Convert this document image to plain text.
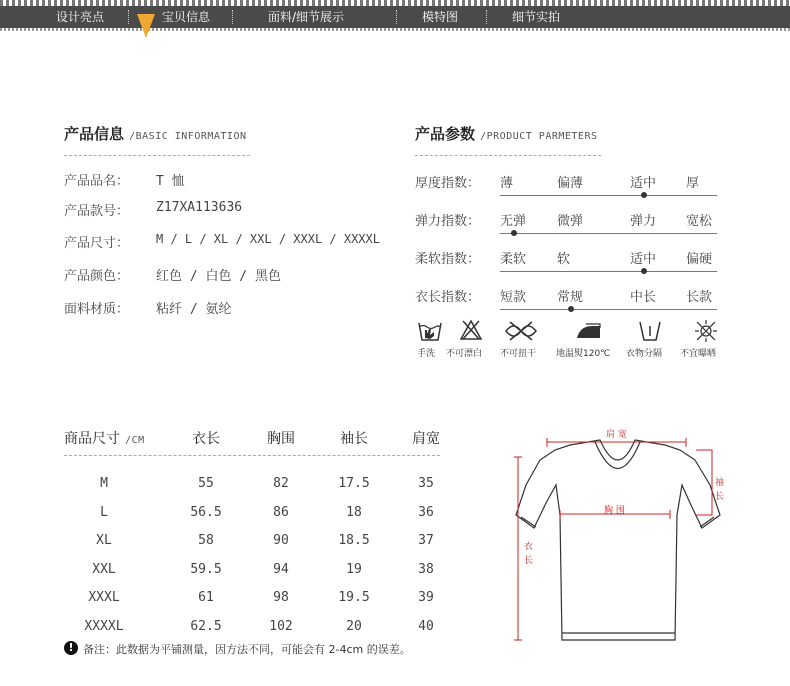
设计亮点	宝贝信息	面料/细节展示	模特图	细节实拍
产品信息 /BASIC INFORMATION
产品品名： T 恤
产品款号： Z17XA113636
产品尺寸： M / L / XL / XXL / XXXL / XXXXL
产品颜色： 红色 / 白色 / 黑色
面料材质： 粘纤 / 氨纶
产品参数 /PRODUCT PARMETERS
厚度指数： 薄	偏薄	适中 厚
弹力指数： 无弹 微弹	弹力 宽松
柔软指数： 柔软 软	适中 偏硬
衣长指数： 短款 常规	中长 长款
手洗 不可漂白 不可扭干 地温熨120℃ 衣物分隔 不宜曝晒
商品尺寸 /CM	衣长	胸围	袖长	肩宽
M	55	82	17.5	35
L	56.5	86	18	36
XL	58	90	18.5	37
XXL	59.5	94	19	38
XXXL	61	98	19.5	39
XXXXL	62.5	102	20	40
! 备注：此数据为平铺测量，因方法不同，可能会有 2-4cm 的误差。
肩 宽
胸 围
袖
长
衣
长
